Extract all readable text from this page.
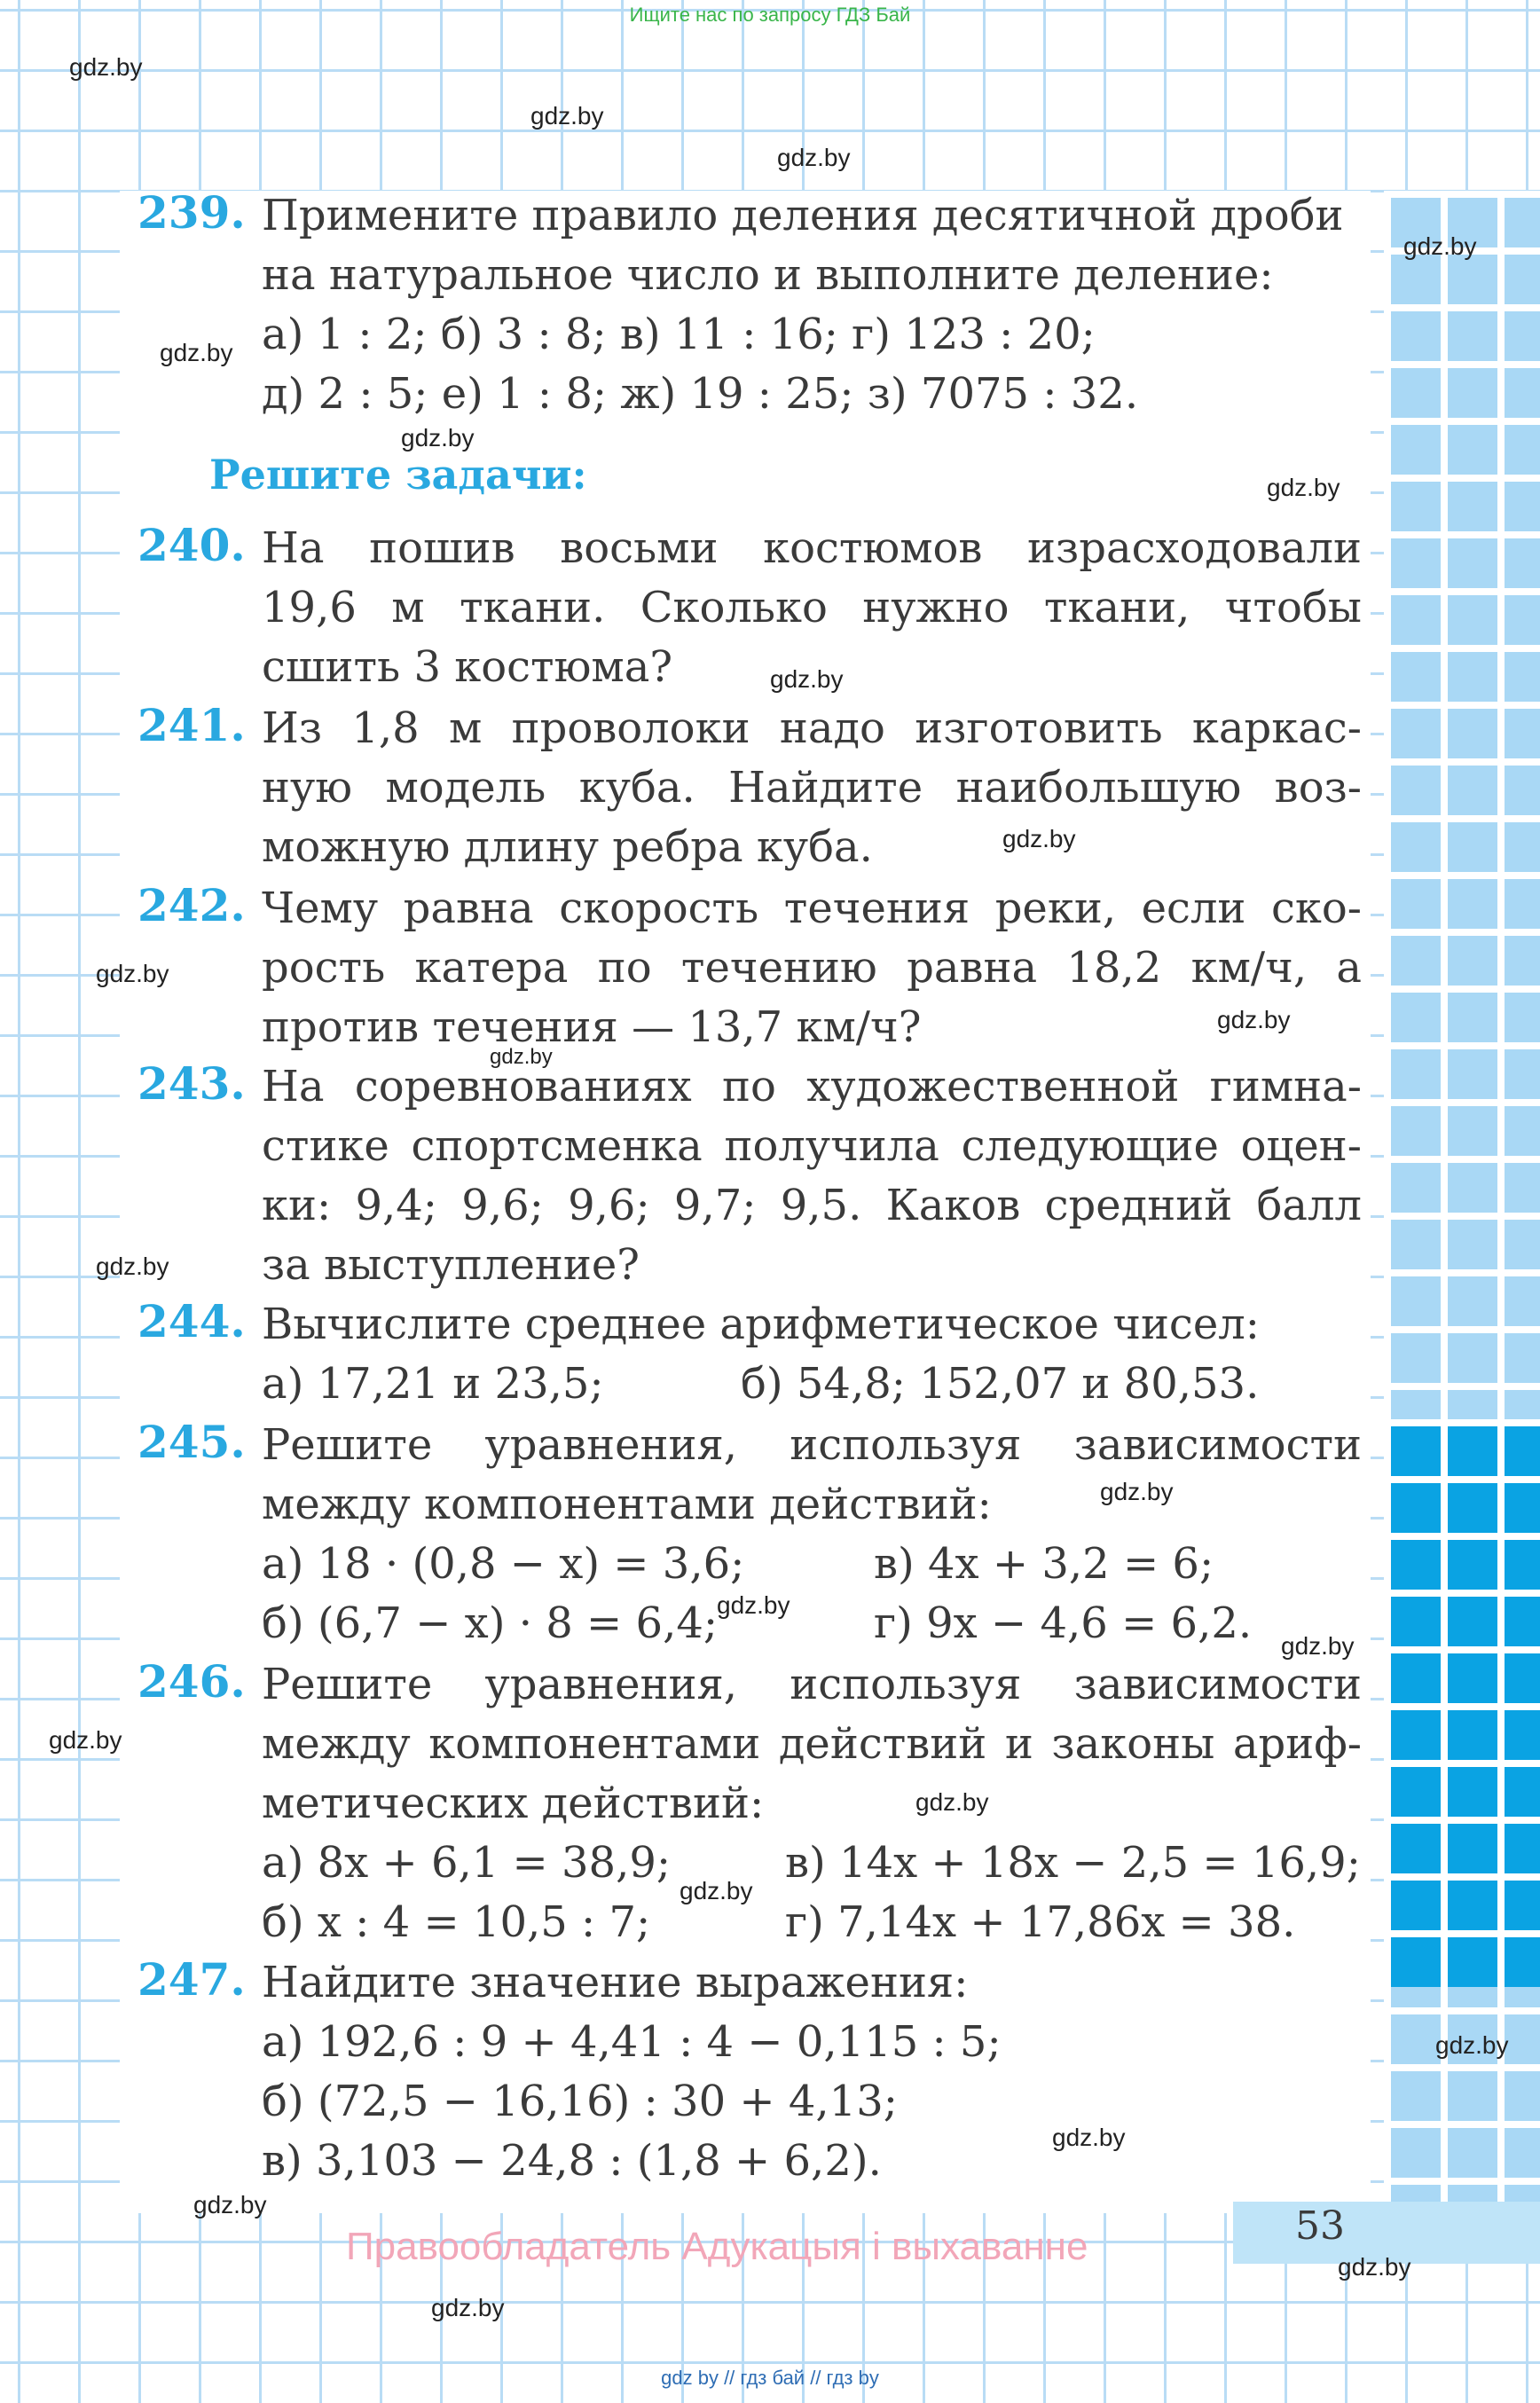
Ищите нас по запросу ГДЗ Бай
53
239. Примените правило деления десятичной дроби
на натуральное число и выполните деление:
а) 1 : 2; б) 3 : 8; в) 11 : 16; г) 123 : 20;
д) 2 : 5; е) 1 : 8; ж) 19 : 25; з) 7075 : 32.
Решите задачи:
240. На пошив восьми костюмов израсходовали
19,6 м ткани. Сколько нужно ткани, чтобы
сшить 3 костюма?
241. Из 1,8 м проволоки надо изготовить каркас-
ную модель куба. Найдите наибольшую воз-
можную длину ребра куба.
242. Чему равна скорость течения реки, если ско-
рость катера по течению равна 18,2 км/ч, а
против течения — 13,7 км/ч?
243. На соревнованиях по художественной гимна-
стике спортсменка получила следующие оцен-
ки: 9,4; 9,6; 9,6; 9,7; 9,5. Каков средний балл
за выступление?
244. Вычислите среднее арифметическое чисел:
а) 17,21 и 23,5;	б) 54,8; 152,07 и 80,53.
245. Решите уравнения, используя зависимости
между компонентами действий:
а) 18 · (0,8 − x) = 3,6;	в) 4x + 3,2 = 6;
б) (6,7 − x) · 8 = 6,4;	г) 9x − 4,6 = 6,2.
246. Решите уравнения, используя зависимости
между компонентами действий и законы ариф-
метических действий:
а) 8x + 6,1 = 38,9;	в) 14x + 18x − 2,5 = 16,9;
б) x : 4 = 10,5 : 7;	г) 7,14x + 17,86x = 38.
247. Найдите значение выражения:
а) 192,6 : 9 + 4,41 : 4 − 0,115 : 5;
б) (72,5 − 16,16) : 30 + 4,13;
в) 3,103 − 24,8 : (1,8 + 6,2).
gdz.by
gdz.by
gdz.by
gdz.by
gdz.by
gdz.by
gdz.by
gdz.by
gdz.by
gdz.by
gdz.by
gdz.by
gdz.by
gdz.by
gdz.by
gdz.by
gdz.by
gdz.by
gdz.by
gdz.by
gdz.by
gdz.by
gdz.by
gdz.by
Правообладатель Адукацыя і выхаванне
gdz by // гдз бай // гдз by
